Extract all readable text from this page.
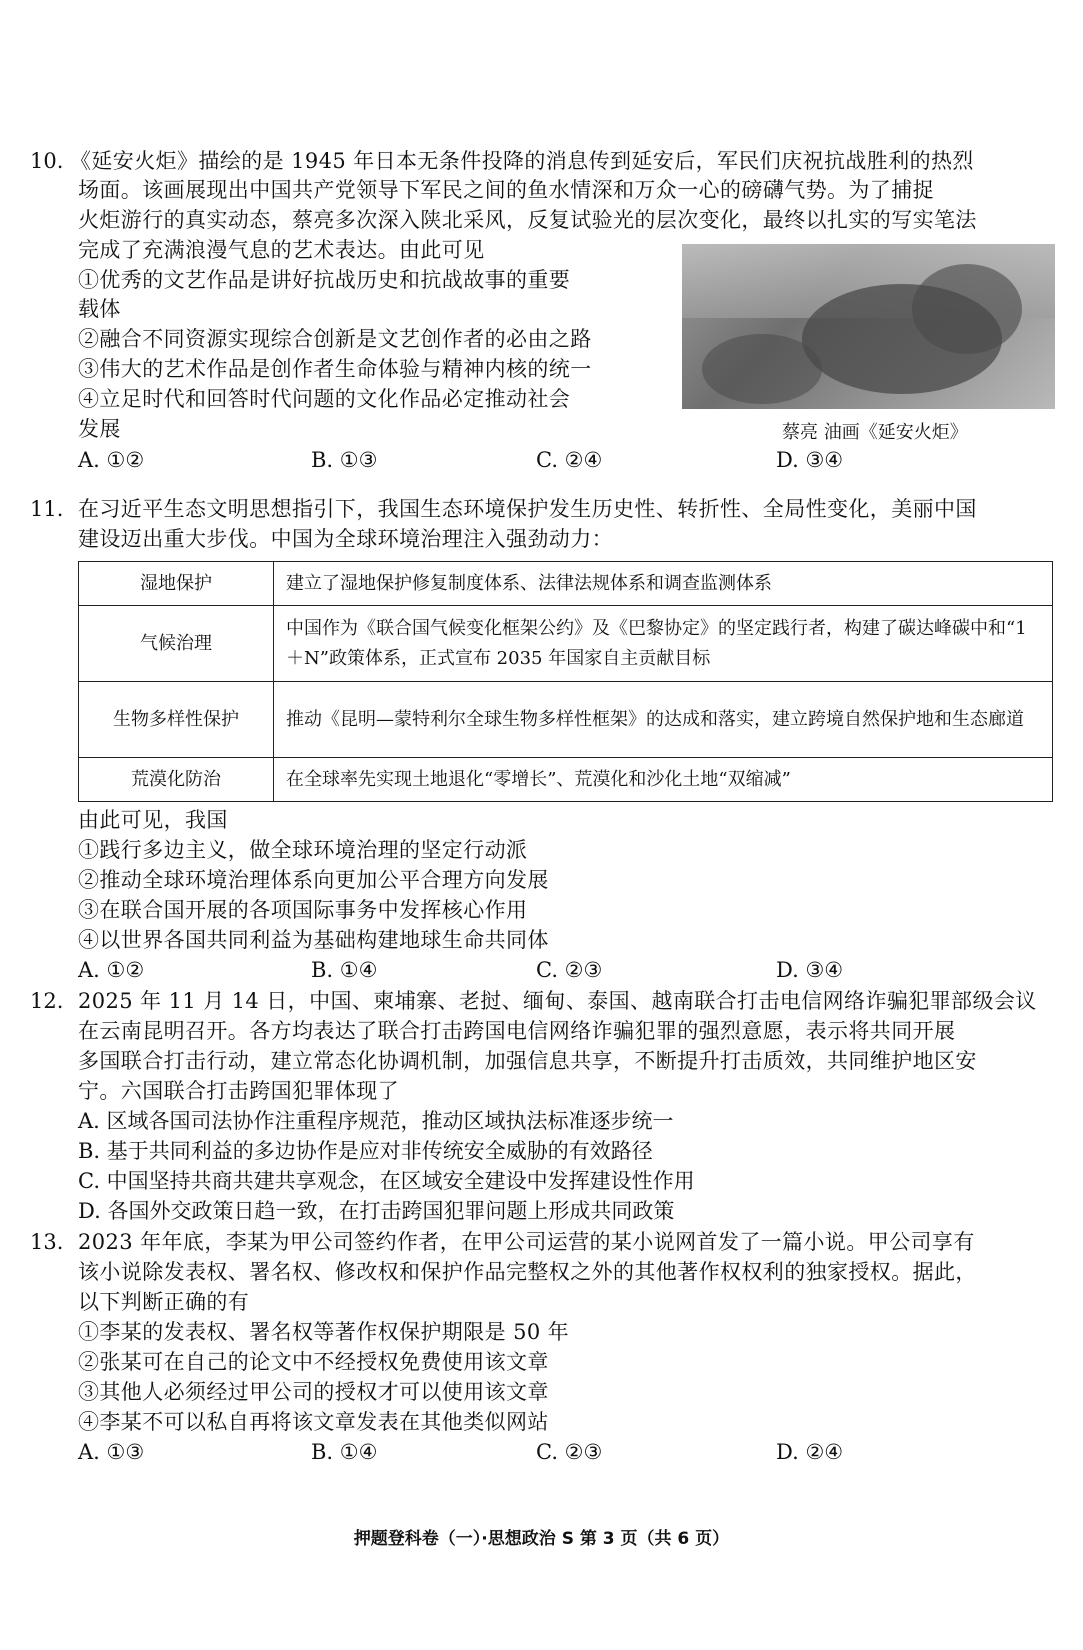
10. 《延安火炬》描绘的是 1945 年日本无条件投降的消息传到延安后，军民们庆祝抗战胜利的热烈
场面。该画展现出中国共产党领导下军民之间的鱼水情深和万众一心的磅礴气势。为了捕捉
火炬游行的真实动态，蔡亮多次深入陕北采风，反复试验光的层次变化，最终以扎实的写实笔法
完成了充满浪漫气息的艺术表达。由此可见
①优秀的文艺作品是讲好抗战历史和抗战故事的重要
载体
②融合不同资源实现综合创新是文艺创作者的必由之路
③伟大的艺术作品是创作者生命体验与精神内核的统一
④立足时代和回答时代问题的文化作品必定推动社会
发展	蔡亮 油画《延安火炬》
A. ①②	B. ①③	C. ②④	D. ③④
11. 在习近平生态文明思想指引下，我国生态环境保护发生历史性、转折性、全局性变化，美丽中国
建设迈出重大步伐。中国为全球环境治理注入强劲动力：
湿地保护	建立了湿地保护修复制度体系、法律法规体系和调查监测体系
气候治理	中国作为《联合国气候变化框架公约》及《巴黎协定》的坚定践行者，构建了碳达峰碳中和“1＋N”政策体系，正式宣布 2035 年国家自主贡献目标
生物多样性保护	推动《昆明—蒙特利尔全球生物多样性框架》的达成和落实，建立跨境自然保护地和生态廊道
荒漠化防治	在全球率先实现土地退化“零增长”、荒漠化和沙化土地“双缩减”
由此可见，我国
①践行多边主义，做全球环境治理的坚定行动派
②推动全球环境治理体系向更加公平合理方向发展
③在联合国开展的各项国际事务中发挥核心作用
④以世界各国共同利益为基础构建地球生命共同体
A. ①②	B. ①④	C. ②③	D. ③④
12. 2025 年 11 月 14 日，中国、柬埔寨、老挝、缅甸、泰国、越南联合打击电信网络诈骗犯罪部级会议
在云南昆明召开。各方均表达了联合打击跨国电信网络诈骗犯罪的强烈意愿，表示将共同开展
多国联合打击行动，建立常态化协调机制，加强信息共享，不断提升打击质效，共同维护地区安
宁。六国联合打击跨国犯罪体现了
A. 区域各国司法协作注重程序规范，推动区域执法标准逐步统一
B. 基于共同利益的多边协作是应对非传统安全威胁的有效路径
C. 中国坚持共商共建共享观念，在区域安全建设中发挥建设性作用
D. 各国外交政策日趋一致，在打击跨国犯罪问题上形成共同政策
13. 2023 年年底，李某为甲公司签约作者，在甲公司运营的某小说网首发了一篇小说。甲公司享有
该小说除发表权、署名权、修改权和保护作品完整权之外的其他著作权权利的独家授权。据此，
以下判断正确的有
①李某的发表权、署名权等著作权保护期限是 50 年
②张某可在自己的论文中不经授权免费使用该文章
③其他人必须经过甲公司的授权才可以使用该文章
④李某不可以私自再将该文章发表在其他类似网站
A. ①③	B. ①④	C. ②③	D. ②④
押题登科卷（一）·思想政治 S 第 3 页（共 6 页）
